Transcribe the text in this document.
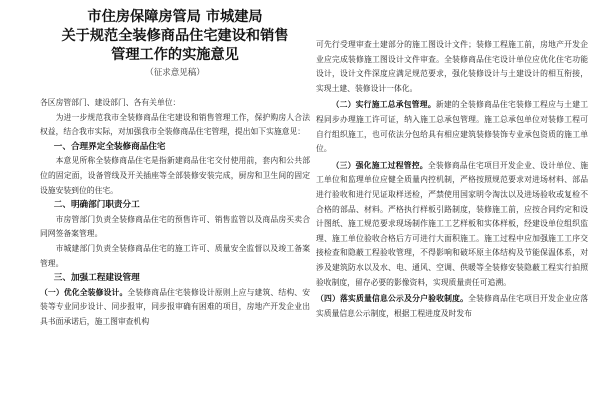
市住房保障房管局 市城建局

关于规范全装修商品住宅建设和销售

管理工作的实施意见

（征求意见稿）

各区房管部门、建设部门、各有关单位：

为进一步规范我市全装修商品住宅建设和销售管理工作，保护购房人合法权益，结合我市实际，对加强我市全装修商品住宅管理，提出如下实施意见：

一、合理界定全装修商品住宅

本意见所称全装修商品住宅是指新建商品住宅交付使用前，套内和公共部位的固定面，设备管线及开关插座等全部装修安装完成，厨房和卫生间的固定设施安装到位的住宅。

二、明确部门职责分工

市房管部门负责全装修商品住宅的预售许可、销售监管以及商品房买卖合同网签备案管理。

市城建部门负责全装修商品住宅的施工许可、质量安全监督以及竣工备案管理。

三、加强工程建设管理

（一）优化全装修设计。全装修商品住宅装修设计原则上应与建筑、结构、安装等专业同步设计、同步报审，同步报审确有困难的项目，房地产开发企业出具书面承诺后，施工图审查机构

可先行受理审查土建部分的施工图设计文件；装修工程施工前，房地产开发企业应完成装修施工图设计文件审查。全装修商品住宅设计单位应优化住宅功能设计，设计文件深度应满足规范要求，强化装修设计与土建设计的相互衔接，实现土建、装修设计一体化。

（二）实行施工总承包管理。新建的全装修商品住宅装修工程应与土建工程同步办理施工许可证，纳入施工总承包管理。施工总承包单位对装修工程可自行组织施工，也可依法分包给具有相应建筑装修装饰专业承包资质的施工单位。

（三）强化施工过程管控。全装修商品住宅项目开发企业、设计单位、施工单位和监理单位应健全质量内控机制，严格按照规范要求对进场材料、部品进行验收和进行见证取样送检，严禁使用国家明令淘汰以及进场验收或复检不合格的部品、材料。严格执行样板引路制度，装修施工前，应按合同约定和设计图纸、施工规范要求现场制作施工工艺样板和实体样板，经建设单位组织监理、施工单位验收合格后方可进行大面积施工。施工过程中应加强施工工序交接检查和隐蔽工程验收管理，不得影响和破坏原主体结构及节能保温体系，对涉及建筑防水以及水、电、通风、空调、供暖等全装修安装隐蔽工程实行拍照验收制度，留存必要的影像资料，实现质量责任可追溯。

（四）落实质量信息公示及分户验收制度。全装修商品住宅项目开发企业应落实质量信息公示制度，根据工程进度及时发布
